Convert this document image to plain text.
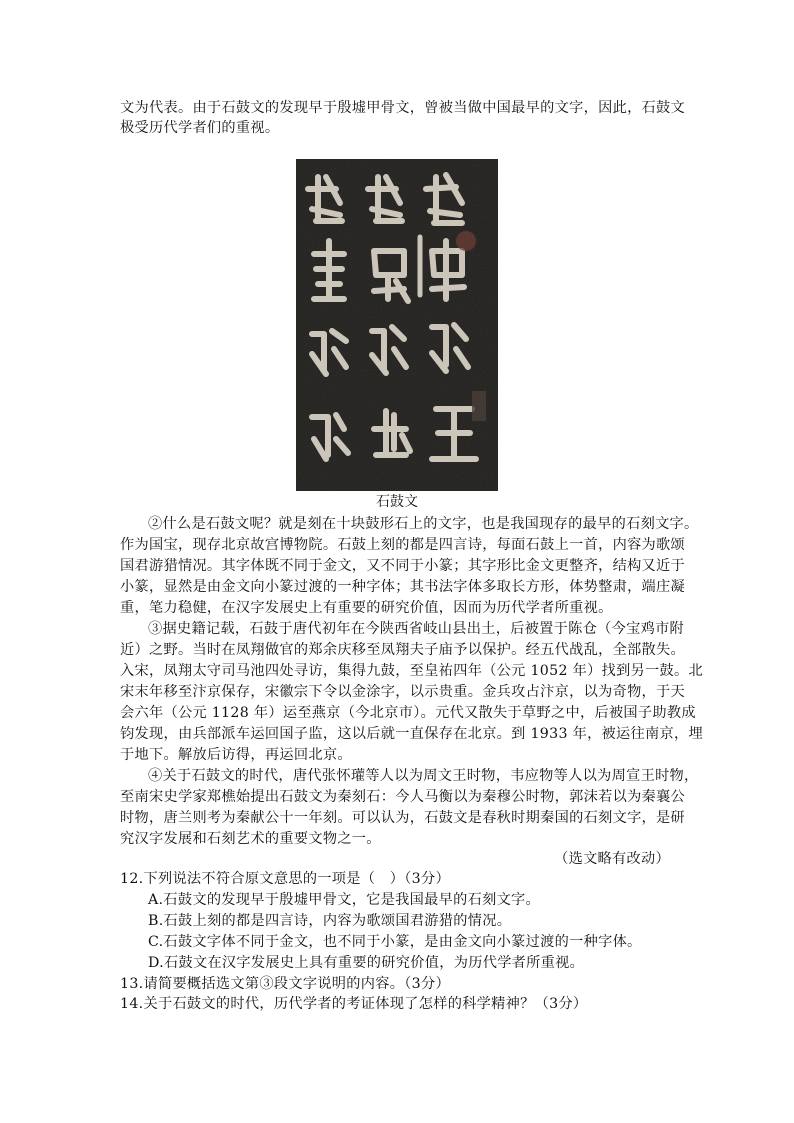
文为代表。由于石鼓文的发现早于殷墟甲骨文，曾被当做中国最早的文字，因此，石鼓文
极受历代学者们的重视。
石鼓文
②什么是石鼓文呢？就是刻在十块鼓形石上的文字，也是我国现存的最早的石刻文字。
作为国宝，现存北京故宫博物院。石鼓上刻的都是四言诗，每面石鼓上一首，内容为歌颂
国君游猎情况。其字体既不同于金文，又不同于小篆；其字形比金文更整齐，结构又近于
小篆，显然是由金文向小篆过渡的一种字体；其书法字体多取长方形，体势整肃，端庄凝
重，笔力稳健，在汉字发展史上有重要的研究价值，因而为历代学者所重视。
③据史籍记载，石鼓于唐代初年在今陕西省岐山县出土，后被置于陈仓（今宝鸡市附
近）之野。当时在凤翔做官的郑余庆移至凤翔夫子庙予以保护。经五代战乱，全部散失。
入宋，凤翔太守司马池四处寻访，集得九鼓，至皇祐四年（公元 1052 年）找到另一鼓。北
宋末年移至汴京保存，宋徽宗下令以金涂字，以示贵重。金兵攻占汴京，以为奇物，于天
会六年（公元 1128 年）运至燕京（今北京市）。元代又散失于草野之中，后被国子助教成
钧发现，由兵部派车运回国子监，这以后就一直保存在北京。到 1933 年，被运往南京，埋
于地下。解放后访得，再运回北京。
④关于石鼓文的时代，唐代张怀瓘等人以为周文王时物，韦应物等人以为周宣王时物，
至南宋史学家郑樵始提出石鼓文为秦刻石：今人马衡以为秦穆公时物，郭沫若以为秦襄公
时物，唐兰则考为秦献公十一年刻。可以认为，石鼓文是春秋时期秦国的石刻文字，是研
究汉字发展和石刻艺术的重要文物之一。
（选文略有改动）
12.下列说法不符合原文意思的一项是（　）（3分）
A.石鼓文的发现早于殷墟甲骨文，它是我国最早的石刻文字。
B.石鼓上刻的都是四言诗，内容为歌颂国君游猎的情况。
C.石鼓文字体不同于金文，也不同于小篆，是由金文向小篆过渡的一种字体。
D.石鼓文在汉字发展史上具有重要的研究价值，为历代学者所重视。
13.请简要概括选文第③段文字说明的内容。（3分）
14.关于石鼓文的时代，历代学者的考证体现了怎样的科学精神？（3分）
